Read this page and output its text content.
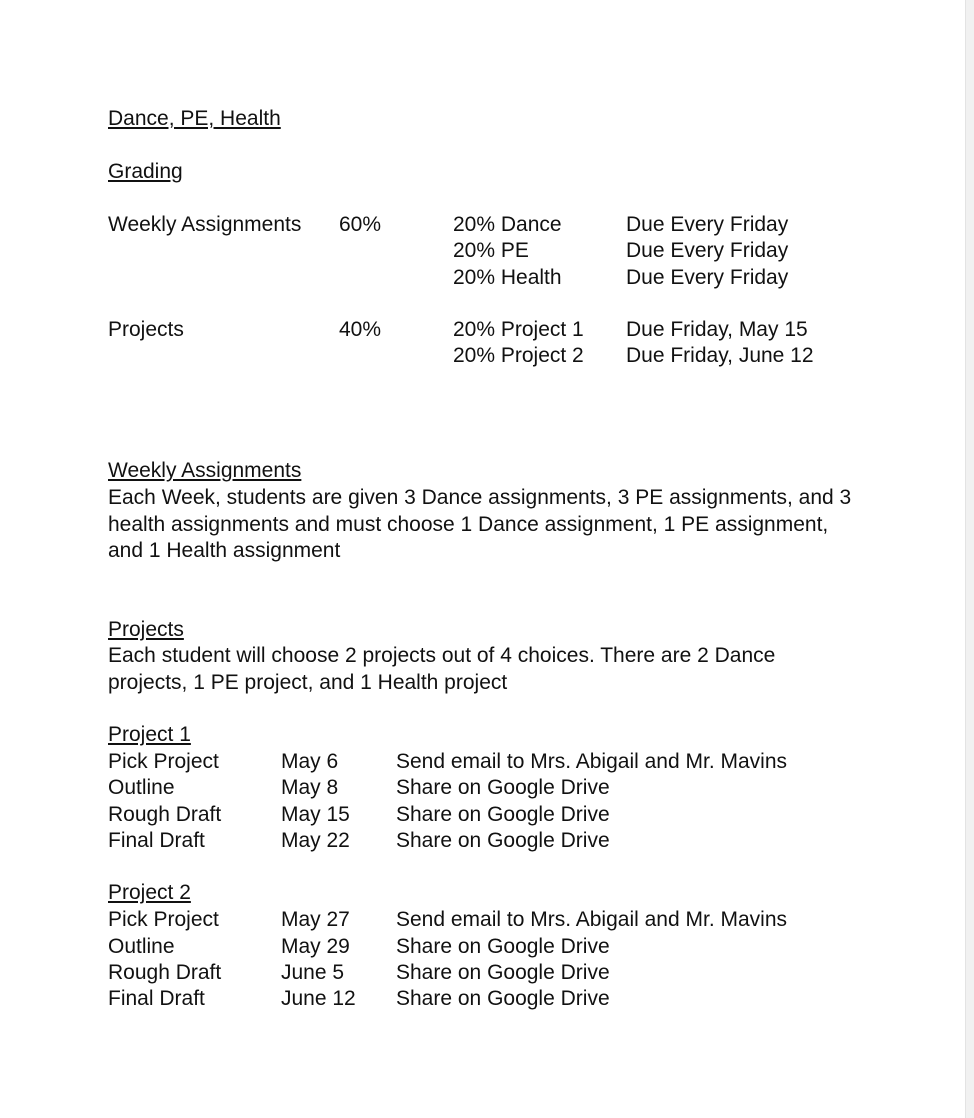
Dance, PE, Health
Grading
Weekly Assignments 60%	20% Dance	Due Every Friday
20% PE	Due Every Friday
20% Health	Due Every Friday
Projects	40%	20% Project 1 Due Friday, May 15
20% Project 2 Due Friday, June 12
Weekly Assignments
Each Week, students are given 3 Dance assignments, 3 PE assignments, and 3 health assignments and must choose 1 Dance assignment, 1 PE assignment, and 1 Health assignment
Projects
Each student will choose 2 projects out of 4 choices. There are 2 Dance projects, 1 PE project, and 1 Health project
Project 1
Pick Project	May 6	Send email to Mrs. Abigail and Mr. Mavins
Outline	May 8	Share on Google Drive
Rough Draft	May 15 Share on Google Drive
Final Draft	May 22 Share on Google Drive
Project 2
Pick Project	May 27 Send email to Mrs. Abigail and Mr. Mavins
Outline	May 29 Share on Google Drive
Rough Draft	June 5 Share on Google Drive
Final Draft	June 12 Share on Google Drive
